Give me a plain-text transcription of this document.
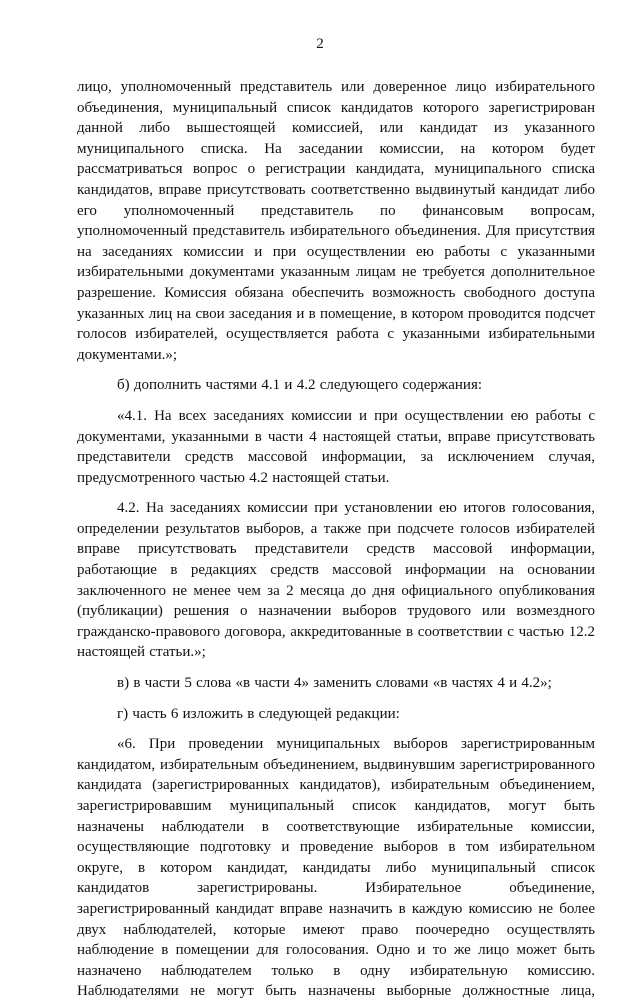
2

лицо, уполномоченный представитель или доверенное лицо избирательного объединения, муниципальный список кандидатов которого зарегистрирован данной либо вышестоящей комиссией, или кандидат из указанного муниципального списка. На заседании комиссии, на котором будет рассматриваться вопрос о регистрации кандидата, муниципального списка кандидатов, вправе присутствовать соответственно выдвинутый кандидат либо его уполномоченный представитель по финансовым вопросам, уполномоченный представитель избирательного объединения. Для присутствия на заседаниях комиссии и при осуществлении ею работы с указанными избирательными документами указанным лицам не требуется дополнительное разрешение. Комиссия обязана обеспечить возможность свободного доступа указанных лиц на свои заседания и в помещение, в котором проводится подсчет голосов избирателей, осуществляется работа с указанными избирательными документами.»;

б) дополнить частями 4.1 и 4.2 следующего содержания:

«4.1. На всех заседаниях комиссии и при осуществлении ею работы с документами, указанными в части 4 настоящей статьи, вправе присутствовать представители средств массовой информации, за исключением случая, предусмотренного частью 4.2 настоящей статьи.

4.2. На заседаниях комиссии при установлении ею итогов голосования, определении результатов выборов, а также при подсчете голосов избирателей вправе присутствовать представители средств массовой информации, работающие в редакциях средств массовой информации на основании заключенного не менее чем за 2 месяца до дня официального опубликования (публикации) решения о назначении выборов трудового или возмездного гражданско-правового договора, аккредитованные в соответствии с частью 12.2 настоящей статьи.»;

в) в части 5 слова «в части 4» заменить словами «в частях 4 и 4.2»;

г) часть 6 изложить в следующей редакции:

«6. При проведении муниципальных выборов зарегистрированным кандидатом, избирательным объединением, выдвинувшим зарегистрированного кандидата (зарегистрированных кандидатов), избирательным объединением, зарегистрировавшим муниципальный список кандидатов, могут быть назначены наблюдатели в соответствующие избирательные комиссии, осуществляющие подготовку и проведение выборов в том избирательном округе, в котором кандидат, кандидаты либо муниципальный список кандидатов зарегистрированы. Избирательное объединение, зарегистрированный кандидат вправе назначить в каждую комиссию не более двух наблюдателей, которые имеют право поочередно осуществлять наблюдение в помещении для голосования. Одно и то же лицо может быть назначено наблюдателем только в одну избирательную комиссию. Наблюдателями не могут быть назначены выборные должностные лица,
